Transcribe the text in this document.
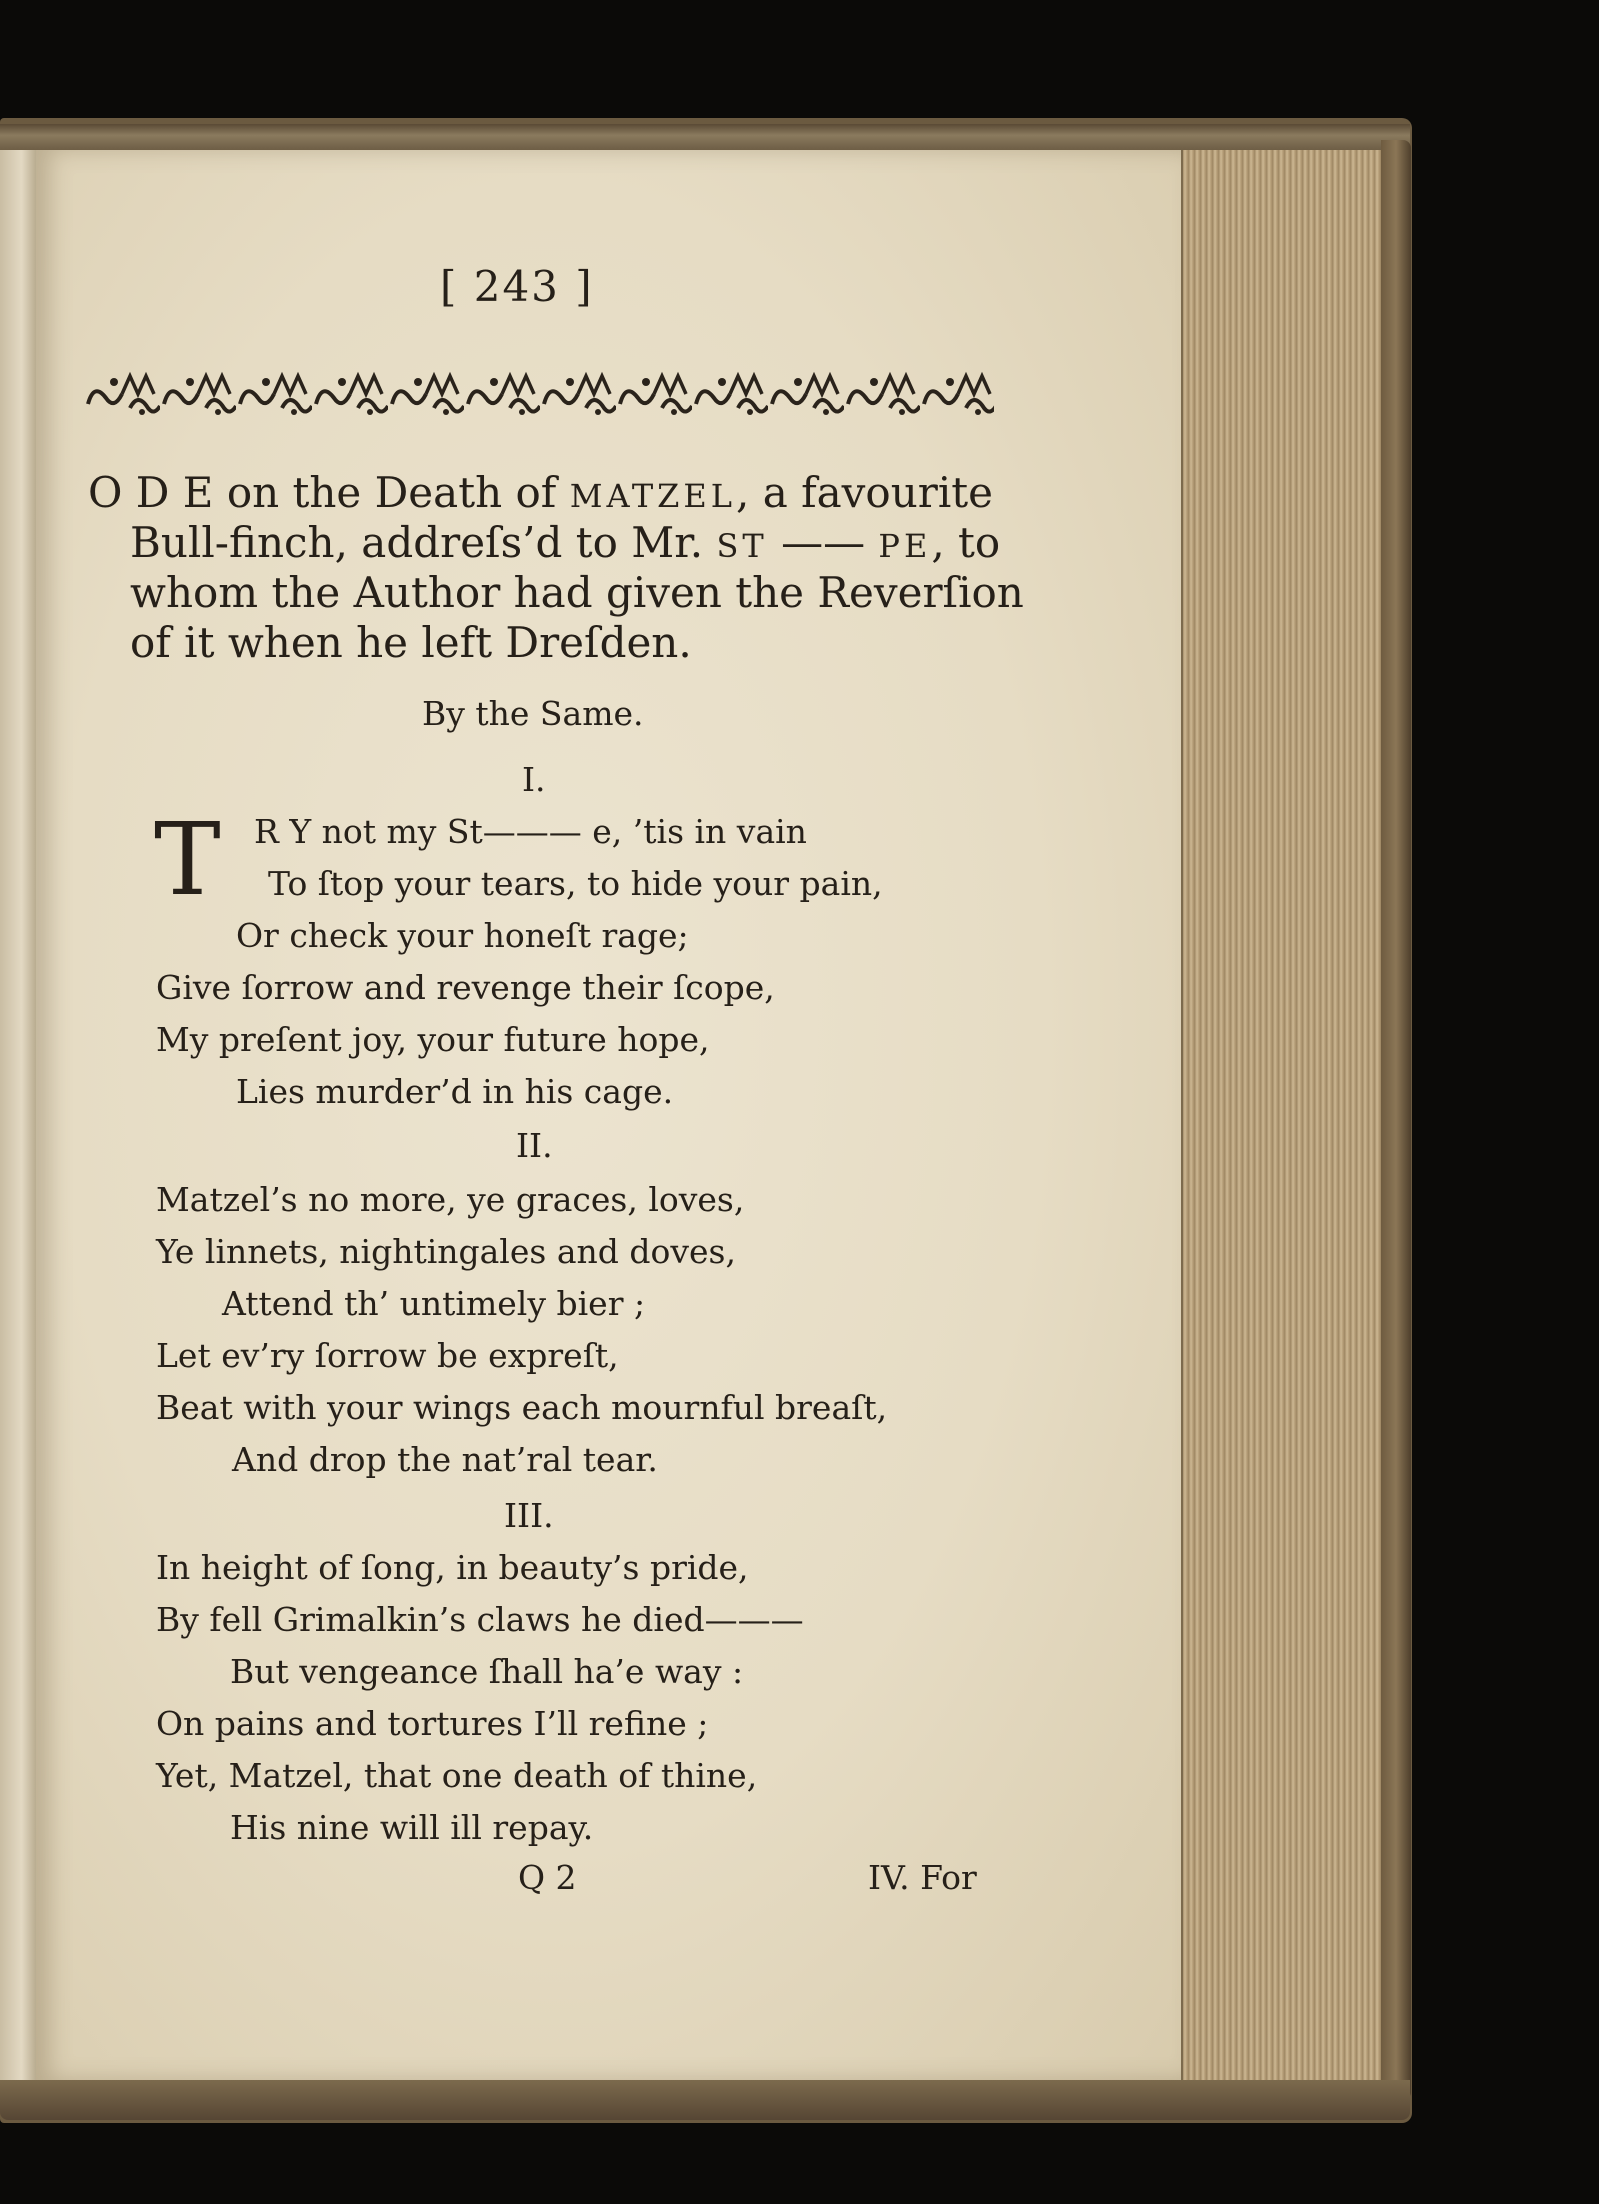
[ 243 ]
O D E on the Death of MATZEL, a favourite
Bull-finch, addreſs’d to Mr. ST —— PE, to
whom the Author had given the Reverſion
of it when he left Dreſden.
By the Same.
I.
T R Y not my St——— e, ’tis in vain
To ſtop your tears, to hide your pain,
Or check your honeſt rage;
Give ſorrow and revenge their ſcope,
My preſent joy, your future hope,
Lies murder’d in his cage.
II.
Matzel’s no more, ye graces, loves,
Ye linnets, nightingales and doves,
Attend th’ untimely bier ;
Let ev’ry ſorrow be expreſt,
Beat with your wings each mournful breaſt,
And drop the nat’ral tear.
III.
In height of ſong, in beauty’s pride,
By fell Grimalkin’s claws he died———
But vengeance ſhall ha’e way :
On pains and tortures I’ll refine ;
Yet, Matzel, that one death of thine,
His nine will ill repay.
Q 2	IV. For
